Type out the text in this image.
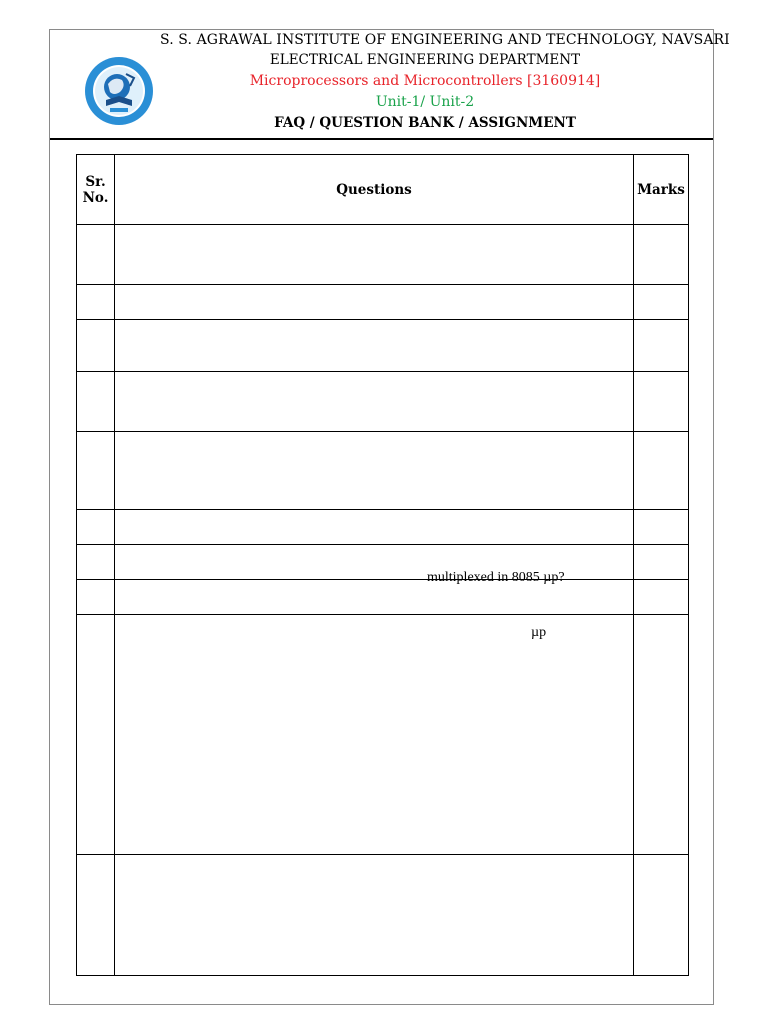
S. S. AGRAWAL INSTITUTE OF ENGINEERING AND TECHNOLOGY, NAVSARI
ELECTRICAL ENGINEERING DEPARTMENT
Microprocessors and Microcontrollers [3160914]
Unit-1/ Unit-2
FAQ / QUESTION BANK / ASSIGNMENT
Sr.
No.	Questions	Marks

	multiplexed in 8085 µp?	

	µp	
